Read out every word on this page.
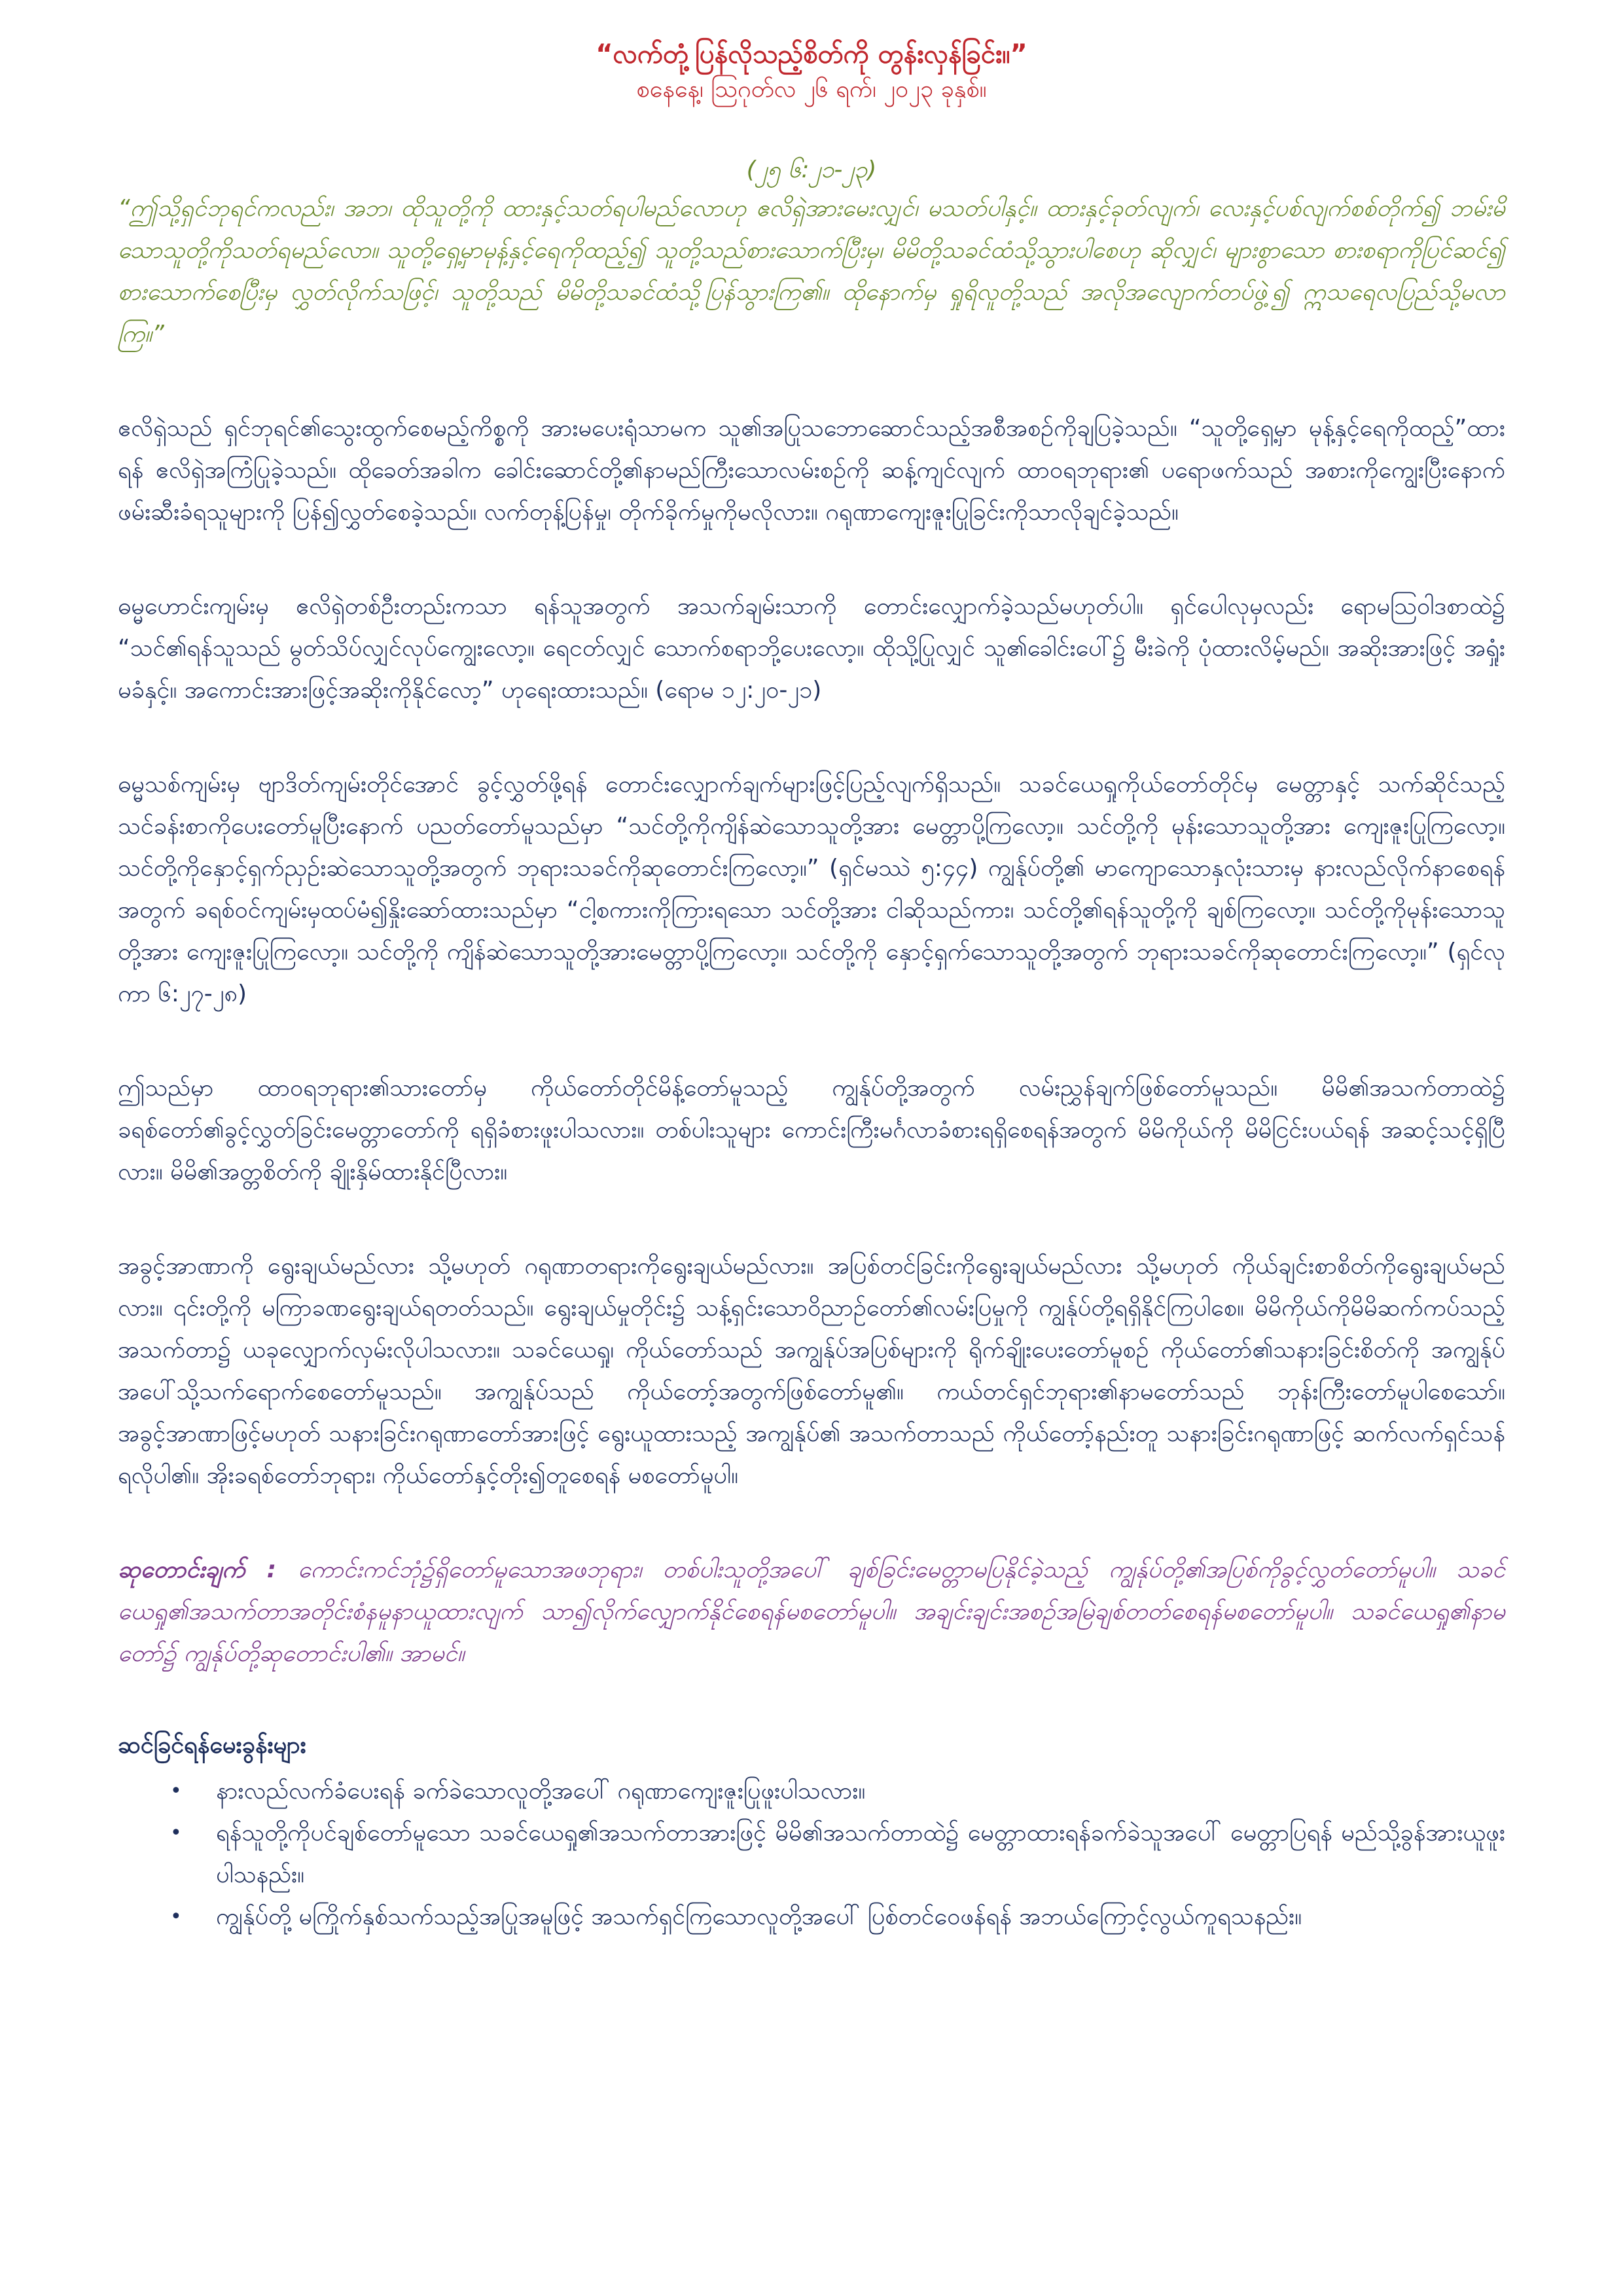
“လက်တုံ့ပြန်လိုသည့်စိတ်ကို တွန်းလှန်ခြင်း။”

စနေနေ့၊ ဩဂုတ်လ ၂၆ ရက်၊ ၂၀၂၃ ခုနှစ်။

(၂၅ ၆:၂၁-၂၃)

“ဤသို့ရှင်ဘုရင်ကလည်း၊ အဘ၊ ထိုသူတို့ကို ထားနှင့်သတ်ရပါမည်လောဟု ဧလိရှဲအားမေးလျှင်၊ မသတ်ပါနှင့်။ ထားနှင့်ခုတ်လျက်၊ လေးနှင့်ပစ်လျက်စစ်တိုက်၍ ဘမ်းမိသောသူတို့ကိုသတ်ရမည်လော။ သူတို့ရှေ့မှာမုန့်နှင့်ရေကိုထည့်၍ သူတို့သည်စားသောက်ပြီးမှ၊ မိမိတို့သခင်ထံသို့သွားပါစေဟု ဆိုလျှင်၊ များစွာသော စားစရာကိုပြင်ဆင်၍ စားသောက်စေပြီးမှ လွှတ်လိုက်သဖြင့်၊ သူတို့သည် မိမိတို့သခင်ထံသို့ပြန်သွားကြ၏။ ထိုနောက်မှ ရှုရိလူတို့သည် အလိုအလျောက်တပ်ဖွဲ့၍ ဣသရေလပြည်သို့မလာကြ။”

ဧလိရှဲသည် ရှင်ဘုရင်၏သွေးထွက်စေမည့်ကိစ္စကို အားမပေးရုံသာမက သူ၏အပြုသဘောဆောင်သည့်အစီအစဉ်ကိုချပြခဲ့သည်။ “သူတို့ရှေ့မှာ မုန့်နှင့်ရေကိုထည့်”ထားရန် ဧလိရှဲအကြံပြုခဲ့သည်။ ထိုခေတ်အခါက ခေါင်းဆောင်တို့၏နာမည်ကြီးသောလမ်းစဉ်ကို ဆန့်ကျင်လျက် ထာဝရဘုရား၏ ပရောဖက်သည် အစားကိုကျွေးပြီးနောက် ဖမ်းဆီးခံရသူများကို ပြန်၍လွှတ်စေခဲ့သည်။ လက်တုန့်ပြန်မှု၊ တိုက်ခိုက်မှုကိုမလိုလား။ ဂရုဏာကျေးဇူးပြုခြင်းကိုသာလိုချင်ခဲ့သည်။

ဓမ္မဟောင်းကျမ်းမှ ဧလိရှဲတစ်ဦးတည်းကသာ ရန်သူအတွက် အသက်ချမ်းသာကို တောင်းလျှောက်ခဲ့သည်မဟုတ်ပါ။ ရှင်ပေါလုမှလည်း ရောမဩဝါဒစာထဲ၌ “သင်၏ရန်သူသည် မွတ်သိပ်လျှင်လုပ်ကျွေးလော့။ ရေငတ်လျှင် သောက်စရာဘို့ပေးလော့။ ထိုသို့ပြုလျှင် သူ၏ခေါင်းပေါ်၌ မီးခဲကို ပုံထားလိမ့်မည်။ အဆိုးအားဖြင့် အရှုံးမခံနှင့်။ အကောင်းအားဖြင့်အဆိုးကိုနိုင်လော့” ဟုရေးထားသည်။ (ရောမ ၁၂:၂၀-၂၁)

ဓမ္မသစ်ကျမ်းမှ ဗျာဒိတ်ကျမ်းတိုင်အောင် ခွင့်လွှတ်ဖို့ရန် တောင်းလျှောက်ချက်များဖြင့်ပြည့်လျက်ရှိသည်။ သခင်ယေရှုကိုယ်တော်တိုင်မှ မေတ္တာနှင့် သက်ဆိုင်သည့် သင်ခန်းစာကိုပေးတော်မူပြီးနောက် ပညတ်တော်မူသည်မှာ “သင်တို့ကိုကျိန်ဆဲသောသူတို့အား မေတ္တာပို့ကြလော့။ သင်တို့ကို မုန်းသောသူတို့အား ကျေးဇူးပြုကြလော့။ သင်တို့ကိုနှောင့်ရှက်ညှဉ်းဆဲသောသူတို့အတွက် ဘုရားသခင်ကိုဆုတောင်းကြလော့။” (ရှင်မဿဲ ၅:၄၄) ကျွန်ုပ်တို့၏ မာကျောသောနှလုံးသားမှ နားလည်လိုက်နာစေရန်အတွက် ခရစ်ဝင်ကျမ်းမှထပ်မံ၍နှိုးဆော်ထားသည်မှာ “ငါ့စကားကိုကြားရသော သင်တို့အား ငါဆိုသည်ကား၊ သင်တို့၏ရန်သူတို့ကို ချစ်ကြလော့။ သင်တို့ကိုမုန်းသောသူတို့အား ကျေးဇူးပြုကြလော့။ သင်တို့ကို ကျိန်ဆဲသောသူတို့အားမေတ္တာပို့ကြလော့။ သင်တို့ကို နှောင့်ရှက်သောသူတို့အတွက် ဘုရားသခင်ကိုဆုတောင်းကြလော့။” (ရှင်လုကာ ၆:၂၇-၂၈)

ဤသည်မှာ ထာဝရဘုရား၏သားတော်မှ ကိုယ်တော်တိုင်မိန့်တော်မူသည့် ကျွန်ုပ်တို့အတွက် လမ်းညွှန်ချက်ဖြစ်တော်မူသည်။ မိမိ၏အသက်တာထဲ၌ ခရစ်တော်၏ခွင့်လွှတ်ခြင်းမေတ္တာတော်ကို ရရှိခံစားဖူးပါသလား။ တစ်ပါးသူများ ကောင်းကြီးမင်္ဂလာခံစားရရှိစေရန်အတွက် မိမိကိုယ်ကို မိမိငြင်းပယ်ရန် အဆင့်သင့်ရှိပြီလား။ မိမိ၏အတ္တစိတ်ကို ချိုးနှိမ်ထားနိုင်ပြီလား။

အခွင့်အာဏာကို ရွေးချယ်မည်လား သို့မဟုတ် ဂရုဏာတရားကိုရွေးချယ်မည်လား။ အပြစ်တင်ခြင်းကိုရွေးချယ်မည်လား သို့မဟုတ် ကိုယ်ချင်းစာစိတ်ကိုရွေးချယ်မည်လား။ ၎င်းတို့ကို မကြာခဏရွေးချယ်ရတတ်သည်။ ရွေးချယ်မှုတိုင်း၌ သန့်ရှင်းသောဝိညာဉ်တော်၏လမ်းပြမှုကို ကျွန်ုပ်တို့ရရှိနိုင်ကြပါစေ။ မိမိကိုယ်ကိုမိမိဆက်ကပ်သည့်အသက်တာ၌ ယခုလျှောက်လှမ်းလိုပါသလား။ သခင်ယေရှု၊ ကိုယ်တော်သည် အကျွန်ုပ်အပြစ်များကို ရိုက်ချိုးပေးတော်မူစဉ် ကိုယ်တော်၏သနားခြင်းစိတ်ကို အကျွန်ုပ်အပေါ်သို့သက်ရောက်စေတော်မူသည်။ အကျွန်ုပ်သည် ကိုယ်တော့်အတွက်ဖြစ်တော်မူ၏။ ကယ်တင်ရှင်ဘုရား၏နာမတော်သည် ဘုန်းကြီးတော်မူပါစေသော်။ အခွင့်အာဏာဖြင့်မဟုတ် သနားခြင်းဂရုဏာတော်အားဖြင့် ရွေးယူထားသည့် အကျွန်ုပ်၏ အသက်တာသည် ကိုယ်တော့်နည်းတူ သနားခြင်းဂရုဏာဖြင့် ဆက်လက်ရှင်သန်ရလိုပါ၏။ အိုးခရစ်တော်ဘုရား၊ ကိုယ်တော်နှင့်တိုး၍တူစေရန် မစတော်မူပါ။

ဆုတောင်းချက် : ကောင်းကင်ဘုံ၌ရှိတော်မူသောအဖဘုရား၊ တစ်ပါးသူတို့အပေါ် ချစ်ခြင်းမေတ္တာမပြနိုင်ခဲ့သည့် ကျွန်ုပ်တို့၏အပြစ်ကိုခွင့်လွှတ်တော်မူပါ။ သခင်ယေရှု၏အသက်တာအတိုင်းစံနမူနာယူထားလျက် သာ၍လိုက်လျှောက်နိုင်စေရန်မစတော်မူပါ။ အချင်းချင်းအစဉ်အမြဲချစ်တတ်စေရန်မစတော်မူပါ။ သခင်ယေရှု၏နာမတော်၌ ကျွန်ုပ်တို့ဆုတောင်းပါ၏။ အာမင်။

ဆင်ခြင်ရန်မေးခွန်းများ

• နားလည်လက်ခံပေးရန် ခက်ခဲသောလူတို့အပေါ် ဂရုဏာကျေးဇူးပြုဖူးပါသလား။
• ရန်သူတို့ကိုပင်ချစ်တော်မူသော သခင်ယေရှု၏အသက်တာအားဖြင့် မိမိ၏အသက်တာထဲ၌ မေတ္တာထားရန်ခက်ခဲသူအပေါ် မေတ္တာပြရန် မည်သို့ခွန်အားယူဖူးပါသနည်း။
• ကျွန်ုပ်တို့ မကြိုက်နှစ်သက်သည့်အပြုအမူဖြင့် အသက်ရှင်ကြသောလူတို့အပေါ် ပြစ်တင်ဝေဖန်ရန် အဘယ်ကြောင့်လွယ်ကူရသနည်း။
